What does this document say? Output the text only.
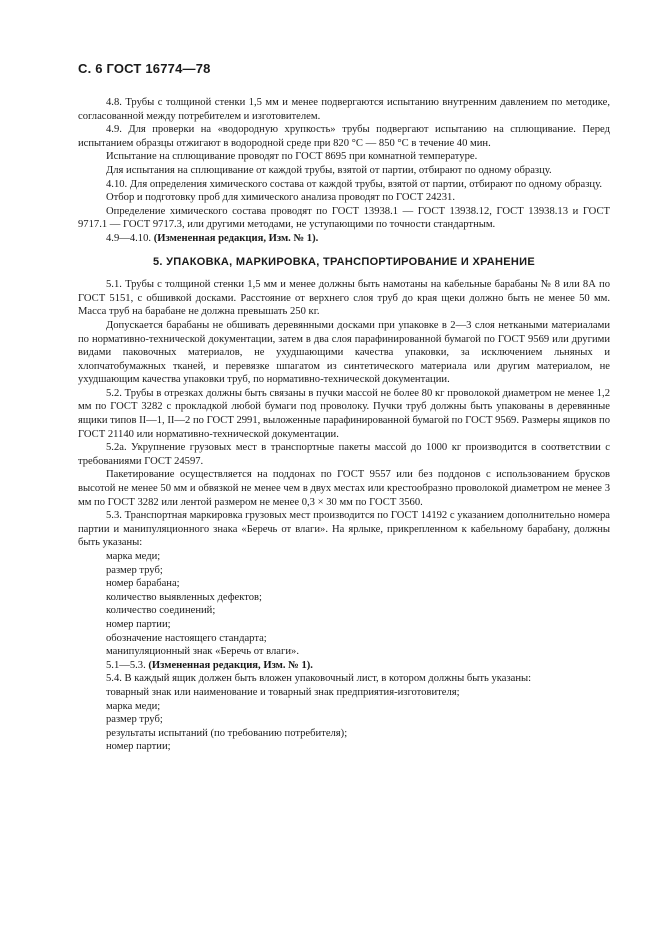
С. 6 ГОСТ 16774—78

4.8. Трубы с толщиной стенки 1,5 мм и менее подвергаются испытанию внутренним давлением по методике, согласованной между потребителем и изготовителем.

4.9. Для проверки на «водородную хрупкость» трубы подвергают испытанию на сплющивание. Перед испытанием образцы отжигают в водородной среде при 820 °С — 850 °С в течение 40 мин.

Испытание на сплющивание проводят по ГОСТ 8695 при комнатной температуре.

Для испытания на сплющивание от каждой трубы, взятой от партии, отбирают по одному образцу.

4.10. Для определения химического состава от каждой трубы, взятой от партии, отбирают по одному образцу.

Отбор и подготовку проб для химического анализа проводят по ГОСТ 24231.

Определение химического состава проводят по ГОСТ 13938.1 — ГОСТ 13938.12, ГОСТ 13938.13 и ГОСТ 9717.1 — ГОСТ 9717.3, или другими методами, не уступающими по точности стандартным.

4.9—4.10. (Измененная редакция, Изм. № 1).

5. УПАКОВКА, МАРКИРОВКА, ТРАНСПОРТИРОВАНИЕ И ХРАНЕНИЕ

5.1. Трубы с толщиной стенки 1,5 мм и менее должны быть намотаны на кабельные барабаны № 8 или 8А по ГОСТ 5151, с обшивкой досками. Расстояние от верхнего слоя труб до края щеки должно быть не менее 50 мм. Масса труб на барабане не должна превышать 250 кг.

Допускается барабаны не обшивать деревянными досками при упаковке в 2—3 слоя неткаными материалами по нормативно-технической документации, затем в два слоя парафинированной бумагой по ГОСТ 9569 или другими видами паковочных материалов, не ухудшающими качества упаковки, за исключением льняных и хлопчатобумажных тканей, и перевязке шпагатом из синтетического материала или другим материалом, не ухудшающим качества упаковки труб, по нормативно-технической документации.

5.2. Трубы в отрезках должны быть связаны в пучки массой не более 80 кг проволокой диаметром не менее 1,2 мм по ГОСТ 3282 с прокладкой любой бумаги под проволоку. Пучки труб должны быть упакованы в деревянные ящики типов II—1, II—2 по ГОСТ 2991, выложенные парафинированной бумагой по ГОСТ 9569. Размеры ящиков по ГОСТ 21140 или нормативно-технической документации.

5.2а. Укрупнение грузовых мест в транспортные пакеты массой до 1000 кг производится в соответствии с требованиями ГОСТ 24597.

Пакетирование осуществляется на поддонах по ГОСТ 9557 или без поддонов с использованием брусков высотой не менее 50 мм и обвязкой не менее чем в двух местах или крестообразно проволокой диаметром не менее 3 мм по ГОСТ 3282 или лентой размером не менее 0,3 × 30 мм по ГОСТ 3560.

5.3. Транспортная маркировка грузовых мест производится по ГОСТ 14192 с указанием дополнительно номера партии и манипуляционного знака «Беречь от влаги». На ярлыке, прикрепленном к кабельному барабану, должны быть указаны:

марка меди;
размер труб;
номер барабана;
количество выявленных дефектов;
количество соединений;
номер партии;
обозначение настоящего стандарта;
манипуляционный знак «Беречь от влаги».

5.1—5.3. (Измененная редакция, Изм. № 1).

5.4. В каждый ящик должен быть вложен упаковочный лист, в котором должны быть указаны:

товарный знак или наименование и товарный знак предприятия-изготовителя;
марка меди;
размер труб;
результаты испытаний (по требованию потребителя);
номер партии;
